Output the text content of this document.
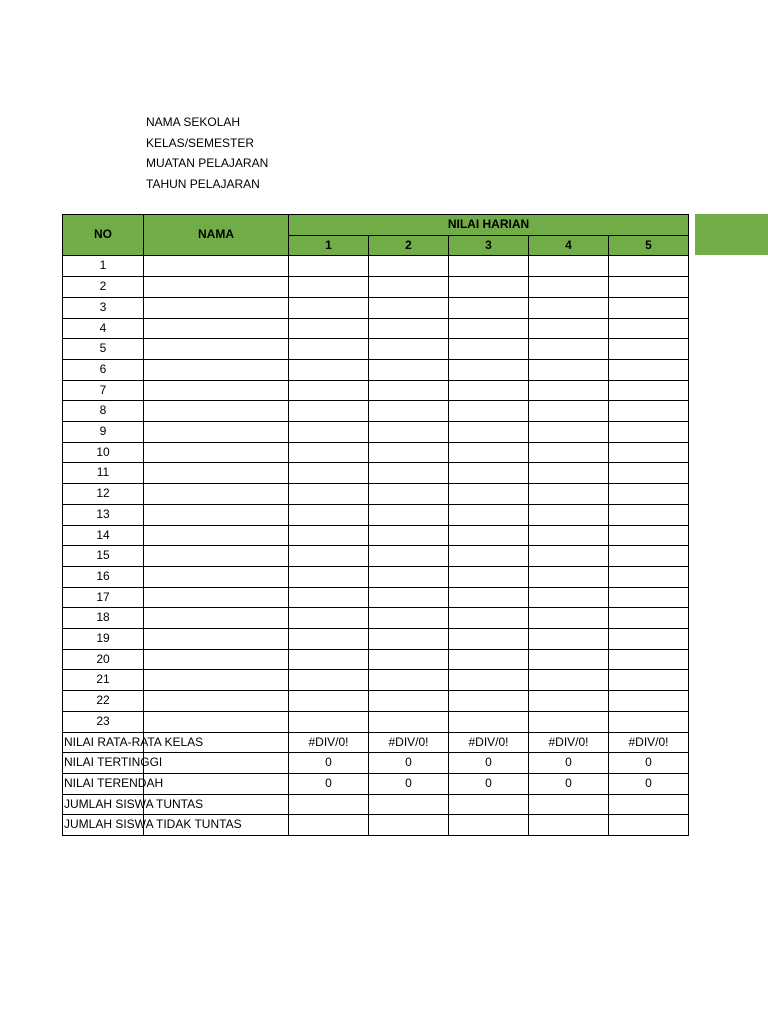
NAMA SEKOLAH
KELAS/SEMESTER
MUATAN PELAJARAN
TAHUN PELAJARAN
NO	NAMA	NILAI HARIAN				
		1	2	3	4	5
1						
2						
3						
4						
5						
6						
7						
8						
9						
10						
11						
12						
13						
14						
15						
16						
17						
18						
19						
20						
21						
22						
23						
NILAI RATA-RATA KELAS		#DIV/0!	#DIV/0!	#DIV/0!	#DIV/0!	#DIV/0!
NILAI TERTINGGI		0	0	0	0	0
NILAI TERENDAH		0	0	0	0	0
JUMLAH SISWA TUNTAS						
JUMLAH SISWA TIDAK TUNTAS						
